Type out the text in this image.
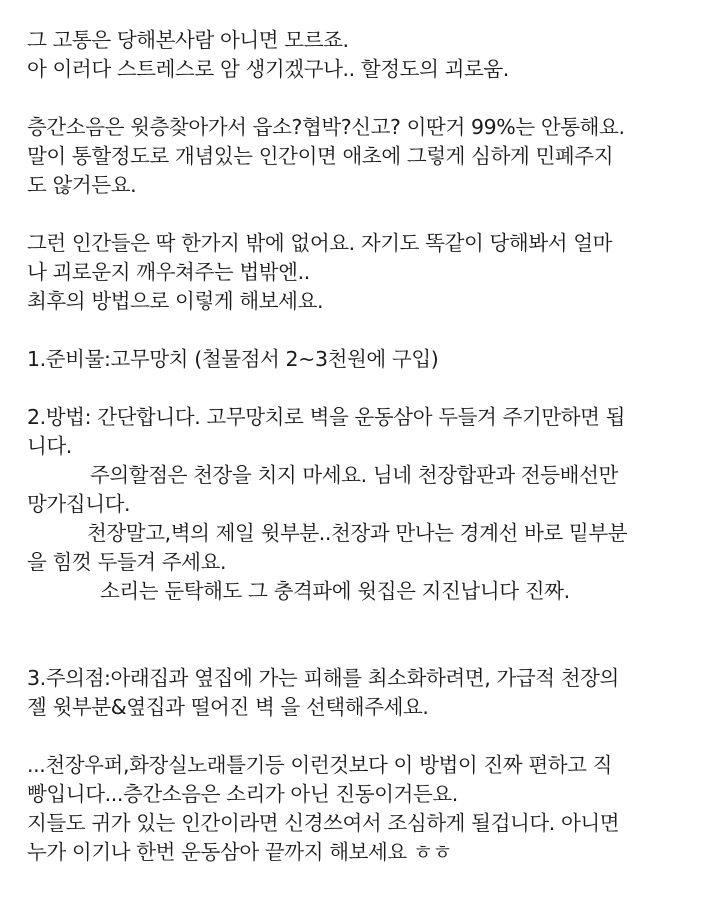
그 고통은 당해본사람 아니면 모르죠.
아 이러다 스트레스로 암 생기겠구나.. 할정도의 괴로움.
층간소음은 윗층찾아가서 읍소?협박?신고? 이딴거 99%는 안통해요.
말이 통할정도로 개념있는 인간이면 애초에 그렇게 심하게 민폐주지
도 않거든요.
그런 인간들은 딱 한가지 밖에 없어요. 자기도 똑같이 당해봐서 얼마
나 괴로운지 깨우쳐주는 법밖엔..
최후의 방법으로 이렇게 해보세요.
1.준비물:고무망치 (철물점서 2~3천원에 구입)
2.방법: 간단합니다. 고무망치로 벽을 운동삼아 두들겨 주기만하면 됩
니다.
주의할점은 천장을 치지 마세요. 님네 천장합판과 전등배선만
망가집니다.
천장말고,벽의 제일 윗부분..천장과 만나는 경계선 바로 밑부분
을 힘껏 두들겨 주세요.
소리는 둔탁해도 그 충격파에 윗집은 지진납니다 진짜.
3.주의점:아래집과 옆집에 가는 피해를 최소화하려면, 가급적 천장의
젤 윗부분&옆집과 떨어진 벽 을 선택해주세요.
...천장우퍼,화장실노래틀기등 이런것보다 이 방법이 진짜 편하고 직
빵입니다...층간소음은 소리가 아닌 진동이거든요.
지들도 귀가 있는 인간이라면 신경쓰여서 조심하게 될겁니다. 아니면
누가 이기나 한번 운동삼아 끝까지 해보세요 ㅎㅎ
